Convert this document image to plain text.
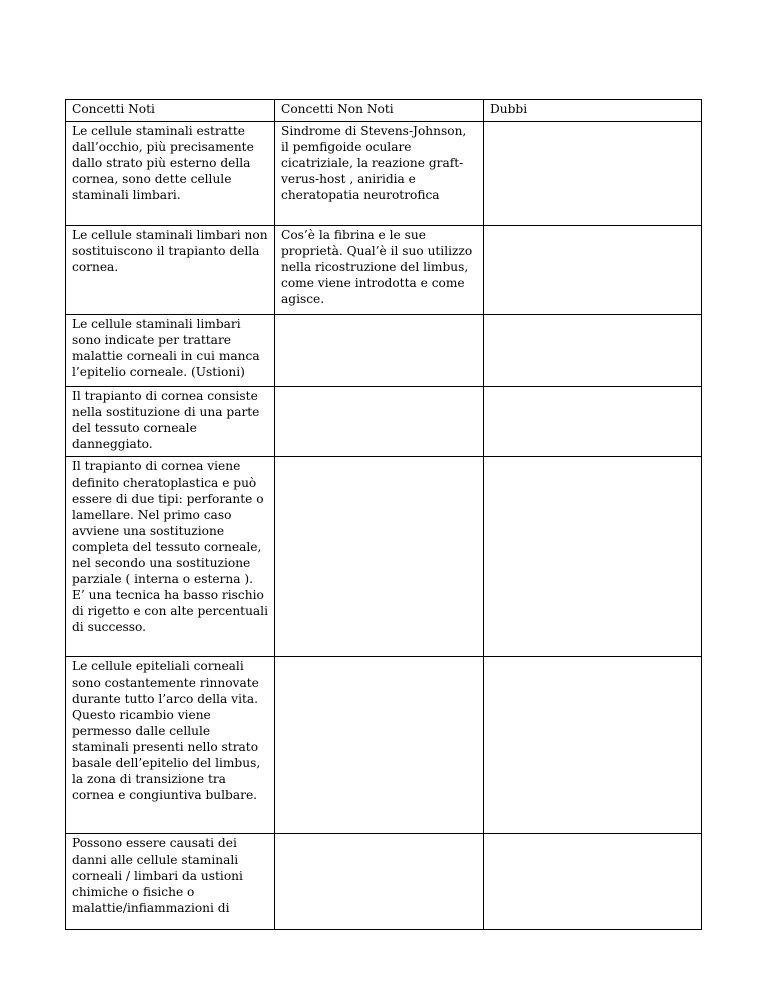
Concetti Noti	Concetti Non Noti	Dubbi

Le cellule staminali estratte dall’occhio, più precisamente dallo strato più esterno della cornea, sono dette cellule staminali limbari.	Sindrome di Stevens-Johnson, il pemfigoide oculare cicatriziale, la reazione graft-verus-host , aniridia e cheratopatia neurotrofica	

Le cellule staminali limbari non sostituiscono il trapianto della cornea.	Cos’è la fibrina e le sue proprietà. Qual’è il suo utilizzo nella ricostruzione del limbus, come viene introdotta e come agisce.	

Le cellule staminali limbari sono indicate per trattare malattie corneali in cui manca l’epitelio corneale. (Ustioni)		

Il trapianto di cornea consiste nella sostituzione di una parte del tessuto corneale danneggiato.		

Il trapianto di cornea viene definito cheratoplastica e può essere di due tipi: perforante o lamellare. Nel primo caso avviene una sostituzione completa del tessuto corneale, nel secondo una sostituzione parziale ( interna o esterna ). E’ una tecnica ha basso rischio di rigetto e con alte percentuali di successo.		

Le cellule epiteliali corneali sono costantemente rinnovate durante tutto l’arco della vita. Questo ricambio viene permesso dalle cellule staminali presenti nello strato basale dell’epitelio del limbus, la zona di transizione tra cornea e congiuntiva bulbare.		

Possono essere causati dei danni alle cellule staminali corneali / limbari da ustioni chimiche o fisiche o malattie/infiammazioni di		
